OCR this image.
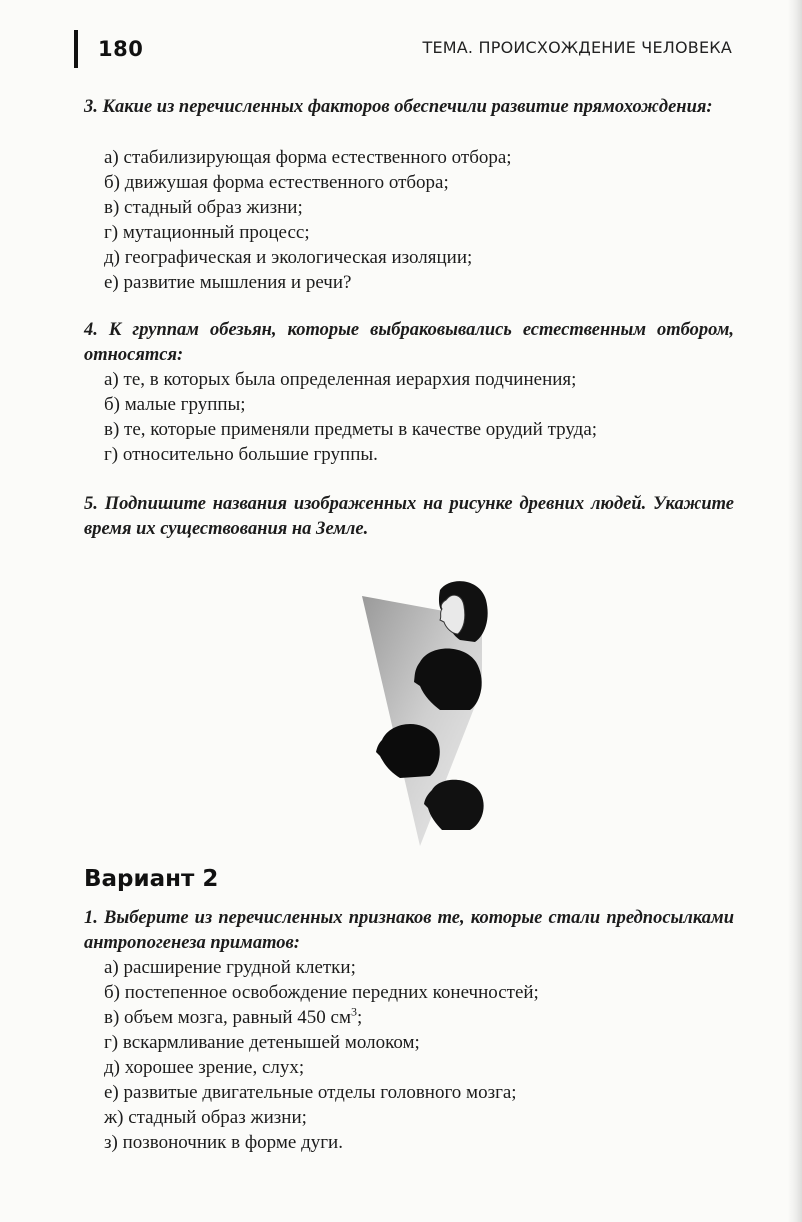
180	ТЕМА. ПРОИСХОЖДЕНИЕ ЧЕЛОВЕКА
3. Какие из перечисленных факторов обеспечили развитие прямохождения:
а) стабилизирующая форма естественного отбора;
б) движушая форма естественного отбора;
в) стадный образ жизни;
г) мутационный процесс;
д) географическая и экологическая изоляции;
е) развитие мышления и речи?
4. К группам обезьян, которые выбраковывались естественным отбором, относятся:
а) те, в которых была определенная иерархия подчинения;
б) малые группы;
в) те, которые применяли предметы в качестве орудий труда;
г) относительно большие группы.
5. Подпишите названия изображенных на рисунке древних людей. Укажите время их существования на Земле.
Вариант 2
1. Выберите из перечисленных признаков те, которые стали предпосылками антропогенеза приматов:
а) расширение грудной клетки;
б) постепенное освобождение передних конечностей;
в) объем мозга, равный 450 $см^3$;
г) вскармливание детенышей молоком;
д) хорошее зрение, слух;
е) развитые двигательные отделы головного мозга;
ж) стадный образ жизни;
з) позвоночник в форме дуги.
